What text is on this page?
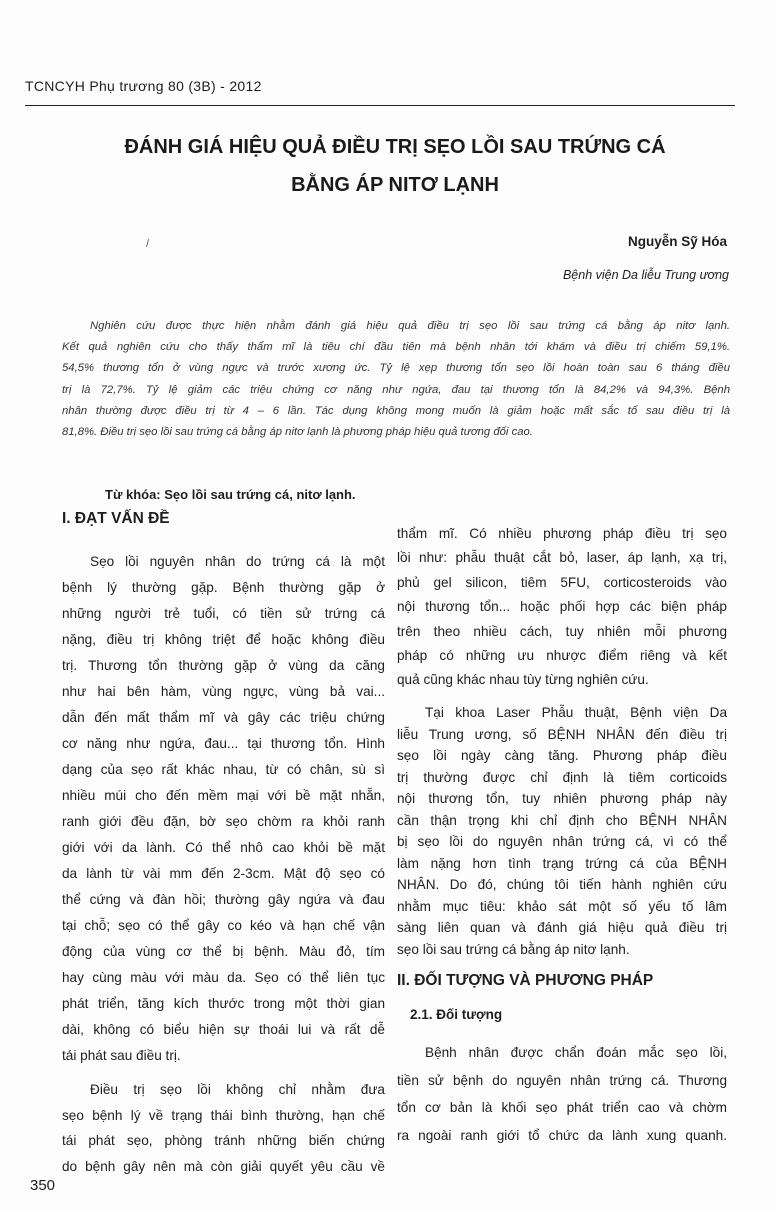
TCNCYH Phụ trương 80 (3B) - 2012
ĐÁNH GIÁ HIỆU QUẢ ĐIỀU TRỊ SẸO LỒI SAU TRỨNG CÁ
BẰNG ÁP NITƠ LẠNH
/	Nguyễn Sỹ Hóa
Bệnh viện Da liễu Trung ương
Nghiên cứu được thực hiện nhằm đánh giá hiệu quả điều trị sẹo lồi sau trứng cá bằng áp nitơ lạnh.
Kết quả nghiên cứu cho thấy thẩm mĩ là tiêu chí đầu tiên mà bệnh nhân tới khám và điều trị chiếm 59,1%.
54,5% thương tổn ở vùng ngực và trước xương ức. Tỷ lệ xẹp thương tổn sẹo lồi hoàn toàn sau 6 tháng điều
trị là 72,7%. Tỷ lệ giảm các triệu chứng cơ năng như ngứa, đau tại thương tổn là 84,2% và 94,3%. Bệnh
nhân thường được điều trị từ 4 – 6 lần. Tác dụng không mong muốn là giảm hoặc mất sắc tố sau điều trị là
81,8%. Điều trị sẹo lồi sau trứng cá bằng áp nitơ lạnh là phương pháp hiệu quả tương đối cao.
Từ khóa: Sẹo lồi sau trứng cá, nitơ lạnh.
I. ĐẠT VẤN ĐỀ
Sẹo lồi nguyên nhân do trứng cá là một
bệnh lý thường gặp. Bệnh thường gặp ở
những người trẻ tuổi, có tiền sử trứng cá
nặng, điều trị không triệt để hoặc không điều
trị. Thương tổn thường gặp ở vùng da căng
như hai bên hàm, vùng ngực, vùng bả vai...
dẫn đến mất thẩm mĩ và gây các triệu chứng
cơ năng như ngứa, đau... tại thương tổn. Hình
dạng của sẹo rất khác nhau, từ có chân, sù sì
nhiều múi cho đến mềm mại với bề mặt nhẵn,
ranh giới đều đặn, bờ sẹo chờm ra khỏi ranh
giới với da lành. Có thể nhô cao khỏi bề mặt
da lành từ vài mm đến 2-3cm. Mật độ sẹo có
thể cứng và đàn hồi; thường gây ngứa và đau
tại chỗ; sẹo có thể gây co kéo và hạn chế vận
động của vùng cơ thể bị bệnh. Màu đỏ, tím
hay cùng màu với màu da. Sẹo có thể liên tục
phát triển, tăng kích thước trong một thời gian
dài, không có biểu hiện sự thoái lui và rất dễ
tái phát sau điều trị.
Điều trị sẹo lồi không chỉ nhằm đưa
sẹo bệnh lý về trạng thái bình thường, hạn chế
tái phát sẹo, phòng tránh những biến chứng
do bệnh gây nên mà còn giải quyết yêu cầu về
thẩm mĩ. Có nhiều phương pháp điều trị sẹo
lồi như: phẫu thuật cắt bỏ, laser, áp lạnh, xạ trị,
phủ gel silicon, tiêm 5FU, corticosteroids vào
nội thương tổn... hoặc phối hợp các biện pháp
trên theo nhiều cách, tuy nhiên mỗi phương
pháp có những ưu nhược điểm riêng và kết
quả cũng khác nhau tùy từng nghiên cứu.
Tại khoa Laser Phẫu thuật, Bệnh viện Da
liễu Trung ương, số BỆNH NHÂN đến điều trị
sẹo lồi ngày càng tăng. Phương pháp điều
trị thường được chỉ định là tiêm corticoids
nội thương tổn, tuy nhiên phương pháp này
cần thận trọng khi chỉ định cho BỆNH NHÂN
bị sẹo lồi do nguyên nhân trứng cá, vì có thể
làm nặng hơn tình trạng trứng cá của BỆNH
NHÂN. Do đó, chúng tôi tiến hành nghiên cứu
nhằm mục tiêu: khảo sát một số yếu tố lâm
sàng liên quan và đánh giá hiệu quả điều trị
sẹo lồi sau trứng cá bằng áp nitơ lạnh.
II. ĐỐI TƯỢNG VÀ PHƯƠNG PHÁP
2.1. Đối tượng
Bệnh nhân được chẩn đoán mắc sẹo lồi,
tiền sử bệnh do nguyên nhân trứng cá. Thương
tổn cơ bản là khối sẹo phát triển cao và chờm
ra ngoài ranh giới tổ chức da lành xung quanh.
350
